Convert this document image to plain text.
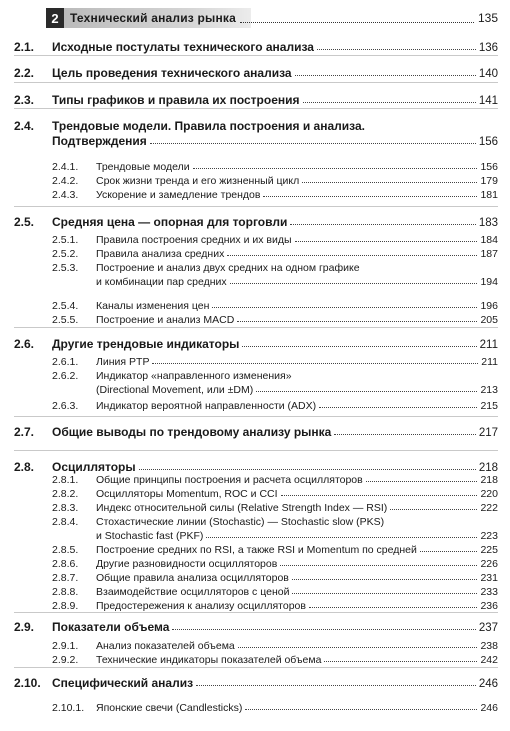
2 Технический анализ рынка	135
2.1.	Исходные постулаты технического анализа	136
2.2.	Цель проведения технического анализа	140
2.3.	Типы графиков и правила их построения	141
2.4.	Трендовые модели. Правила построения и анализа.
Подтверждения	156
2.4.1.	Трендовые модели	156
2.4.2.	Срок жизни тренда и его жизненный цикл	179
2.4.3.	Ускорение и замедление трендов	181
2.5.	Средняя цена — опорная для торговли	183
2.5.1.	Правила построения средних и их виды	184
2.5.2.	Правила анализа средних	187
2.5.3.	Построение и анализ двух средних на одном графике
и комбинации пар средних	194
2.5.4.	Каналы изменения цен	196
2.5.5.	Построение и анализ MACD	205
2.6.	Другие трендовые индикаторы	211
2.6.1.	Линия PTP	211
2.6.2.	Индикатор «направленного изменения»
(Directional Movement, или ±DM)	213
2.6.3.	Индикатор вероятной направленности (ADX)	215
2.7.	Общие выводы по трендовому анализу рынка	217
2.8.	Осцилляторы	218
2.8.1.	Общие принципы построения и расчета осцилляторов	218
2.8.2.	Осцилляторы Momentum, ROC и CCI	220
2.8.3.	Индекс относительной силы (Relative Strength Index — RSI)	222
2.8.4.	Стохастические линии (Stochastic) — Stochastic slow (PKS)
и Stochastic fast (PKF)	223
2.8.5.	Построение средних по RSI, а также RSI и Momentum по средней	225
2.8.6.	Другие разновидности осцилляторов	226
2.8.7.	Общие правила анализа осцилляторов	231
2.8.8.	Взаимодействие осцилляторов с ценой	233
2.8.9.	Предостережения к анализу осцилляторов	236
2.9.	Показатели объема	237
2.9.1.	Анализ показателей объема	238
2.9.2.	Технические индикаторы показателей объема	242
2.10. Специфический анализ	246
2.10.1.	Японские свечи (Candlesticks)	246
